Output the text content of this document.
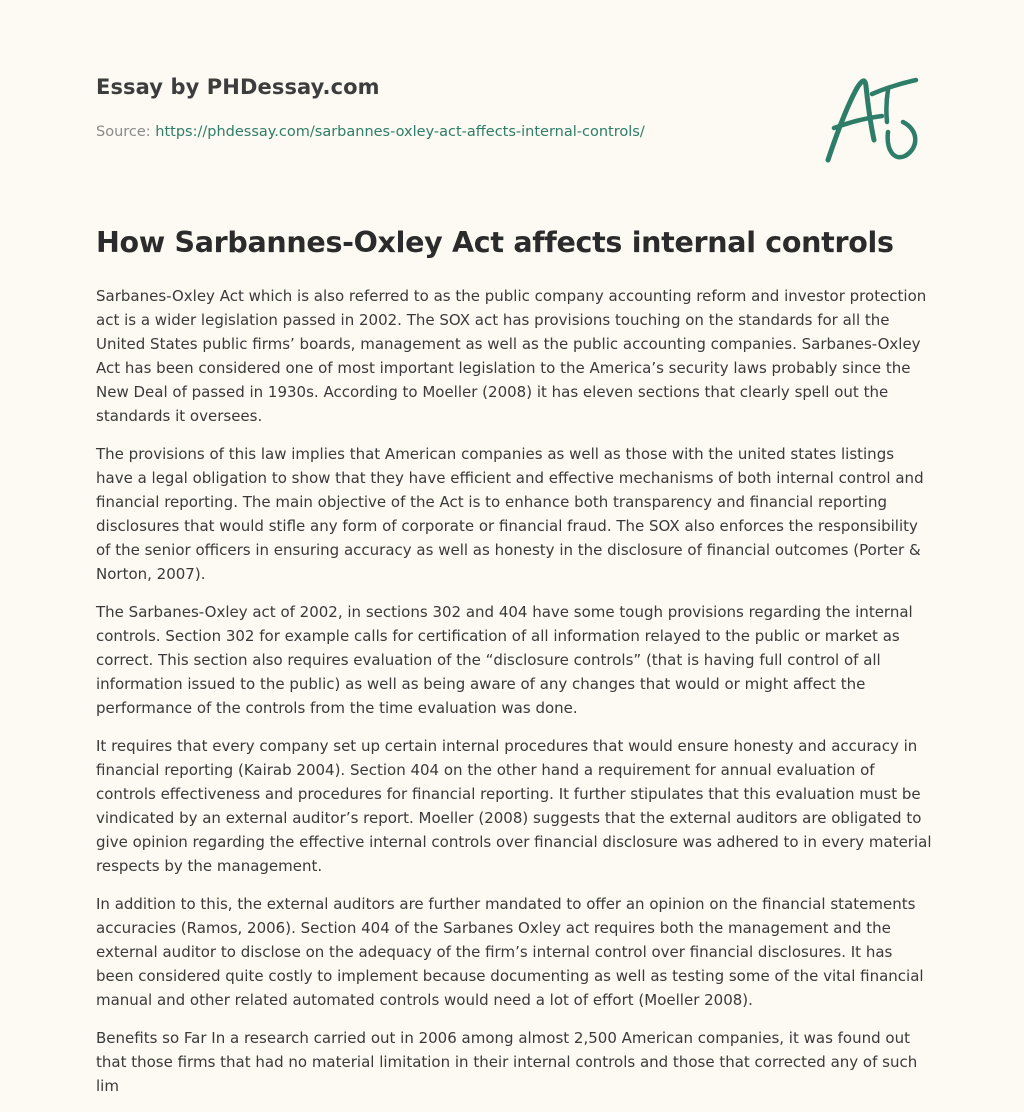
Essay by PHDessay.com

Source: https://phdessay.com/sarbannes-oxley-act-affects-internal-controls/

How Sarbannes-Oxley Act affects internal controls

Sarbanes-Oxley Act which is also referred to as the public company accounting reform and investor protection act is a wider legislation passed in 2002. The SOX act has provisions touching on the standards for all the United States public firms’ boards, management as well as the public accounting companies. Sarbanes-Oxley Act has been considered one of most important legislation to the America’s security laws probably since the New Deal of passed in 1930s. According to Moeller (2008) it has eleven sections that clearly spell out the standards it oversees.

The provisions of this law implies that American companies as well as those with the united states listings have a legal obligation to show that they have efficient and effective mechanisms of both internal control and financial reporting. The main objective of the Act is to enhance both transparency and financial reporting disclosures that would stifle any form of corporate or financial fraud. The SOX also enforces the responsibility of the senior officers in ensuring accuracy as well as honesty in the disclosure of financial outcomes (Porter & Norton, 2007).

The Sarbanes-Oxley act of 2002, in sections 302 and 404 have some tough provisions regarding the internal controls. Section 302 for example calls for certification of all information relayed to the public or market as correct. This section also requires evaluation of the “disclosure controls” (that is having full control of all information issued to the public) as well as being aware of any changes that would or might affect the performance of the controls from the time evaluation was done.

It requires that every company set up certain internal procedures that would ensure honesty and accuracy in financial reporting (Kairab 2004). Section 404 on the other hand a requirement for annual evaluation of controls effectiveness and procedures for financial reporting. It further stipulates that this evaluation must be vindicated by an external auditor’s report. Moeller (2008) suggests that the external auditors are obligated to give opinion regarding the effective internal controls over financial disclosure was adhered to in every material respects by the management.

In addition to this, the external auditors are further mandated to offer an opinion on the financial statements accuracies (Ramos, 2006). Section 404 of the Sarbanes Oxley act requires both the management and the external auditor to disclose on the adequacy of the firm’s internal control over financial disclosures. It has been considered quite costly to implement because documenting as well as testing some of the vital financial manual and other related automated controls would need a lot of effort (Moeller 2008).

Benefits so Far In a research carried out in 2006 among almost 2,500 American companies, it was found out that those firms that had no material limitation in their internal controls and those that corrected any of such lim
